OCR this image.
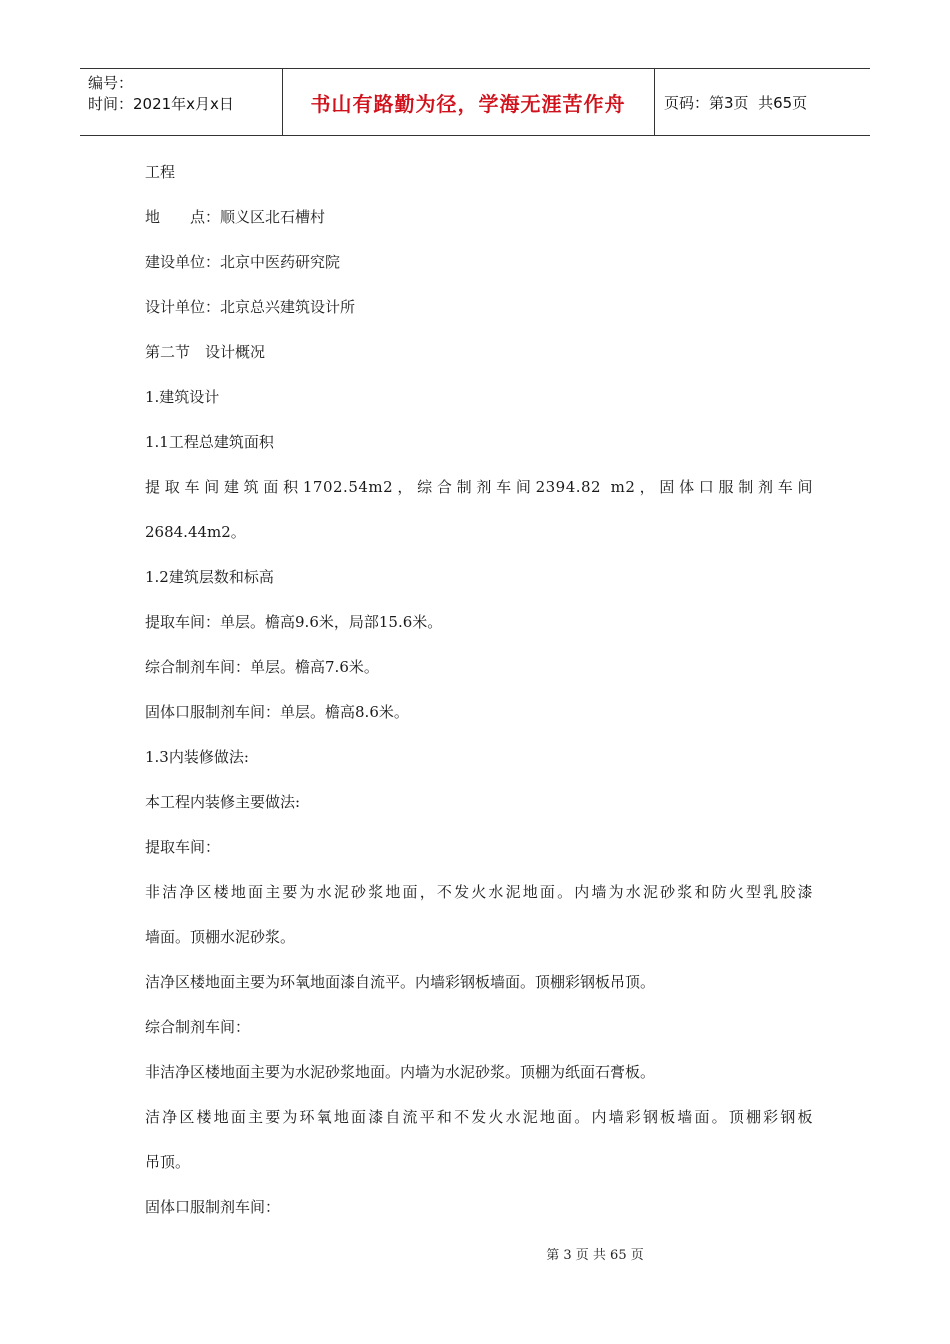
编号：
时间：2021年x月x日	书山有路勤为径，学海无涯苦作舟	页码：第3页  共65页

工程

地　　点：顺义区北石槽村

建设单位：北京中医药研究院

设计单位：北京总兴建筑设计所

第二节　设计概况

1.建筑设计

1.1工程总建筑面积

提取车间建筑面积1702.54m2，综合制剂车间2394.82 m2，固体口服制剂车间

2684.44m2。

1.2建筑层数和标高

提取车间：单层。檐高9.6米，局部15.6米。

综合制剂车间：单层。檐高7.6米。

固体口服制剂车间：单层。檐高8.6米。

1.3内装修做法:

本工程内装修主要做法:

提取车间：

非洁净区楼地面主要为水泥砂浆地面，不发火水泥地面。内墙为水泥砂浆和防火型乳胶漆

墙面。顶棚水泥砂浆。

洁净区楼地面主要为环氧地面漆自流平。内墙彩钢板墙面。顶棚彩钢板吊顶。

综合制剂车间：

非洁净区楼地面主要为水泥砂浆地面。内墙为水泥砂浆。顶棚为纸面石膏板。

洁净区楼地面主要为环氧地面漆自流平和不发火水泥地面。内墙彩钢板墙面。顶棚彩钢板

吊顶。

固体口服制剂车间：

第 3 页 共 65 页
